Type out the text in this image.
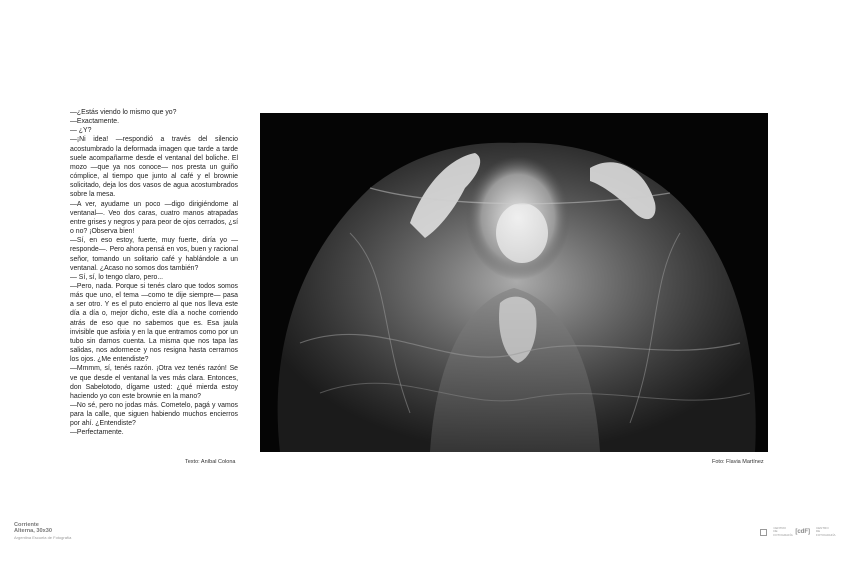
—¿Estás viendo lo mismo que yo?

—Exactamente.

— ¿Y?

—¡Ni idea! —respondió a través del silencio acostumbrado la deformada imagen que tarde a tarde suele acompañarme desde el ventanal del boliche. El mozo —que ya nos conoce— nos presta un guiño cómplice, al tiempo que junto al café y el brownie solicitado, deja los dos vasos de agua acostumbrados sobre la mesa.

—A ver, ayudame un poco —digo dirigiéndome al ventanal—. Veo dos caras, cuatro manos atrapadas entre grises y negros y para peor de ojos cerrados, ¿sí o no? ¡Observa bien!

—Sí, en eso estoy, fuerte, muy fuerte, diría yo —responde—. Pero ahora pensá en vos, buen y racional señor, tomando un solitario café y hablándole a un ventanal. ¿Acaso no somos dos también?

— Sí, sí, lo tengo claro, pero...

—Pero, nada. Porque si tenés claro que todos somos más que uno, el tema —como te dije siempre— pasa a ser otro. Y es el puto encierro al que nos lleva este día a día o, mejor dicho, este día a noche corriendo atrás de eso que no sabemos que es. Esa jaula invisible que asfixia y en la que entramos como por un tubo sin darnos cuenta. La misma que nos tapa las salidas, nos adormece y nos resigna hasta cerrarnos los ojos. ¿Me entendiste?

—Mmmm, sí, tenés razón. ¡Otra vez tenés razón! Se ve que desde el ventanal la ves más clara. Entonces, don Sabelotodo, dígame usted: ¿qué mierda estoy haciendo yo con este brownie en la mano?

—No sé, pero no jodas más. Cometelo, pagá y vamos para la calle, que siguen habiendo muchos encierros por ahí. ¿Entendiste?

—Perfectamente.

Texto: Aníbal Colona	Foto: Flavia Martínez
Corriente
Alterna, 30x30
Argentina Escuela de Fotografía
CENTRO DE FOTOGRAFÍA [cdF]
CENTRO DE FOTOGRAFÍA
